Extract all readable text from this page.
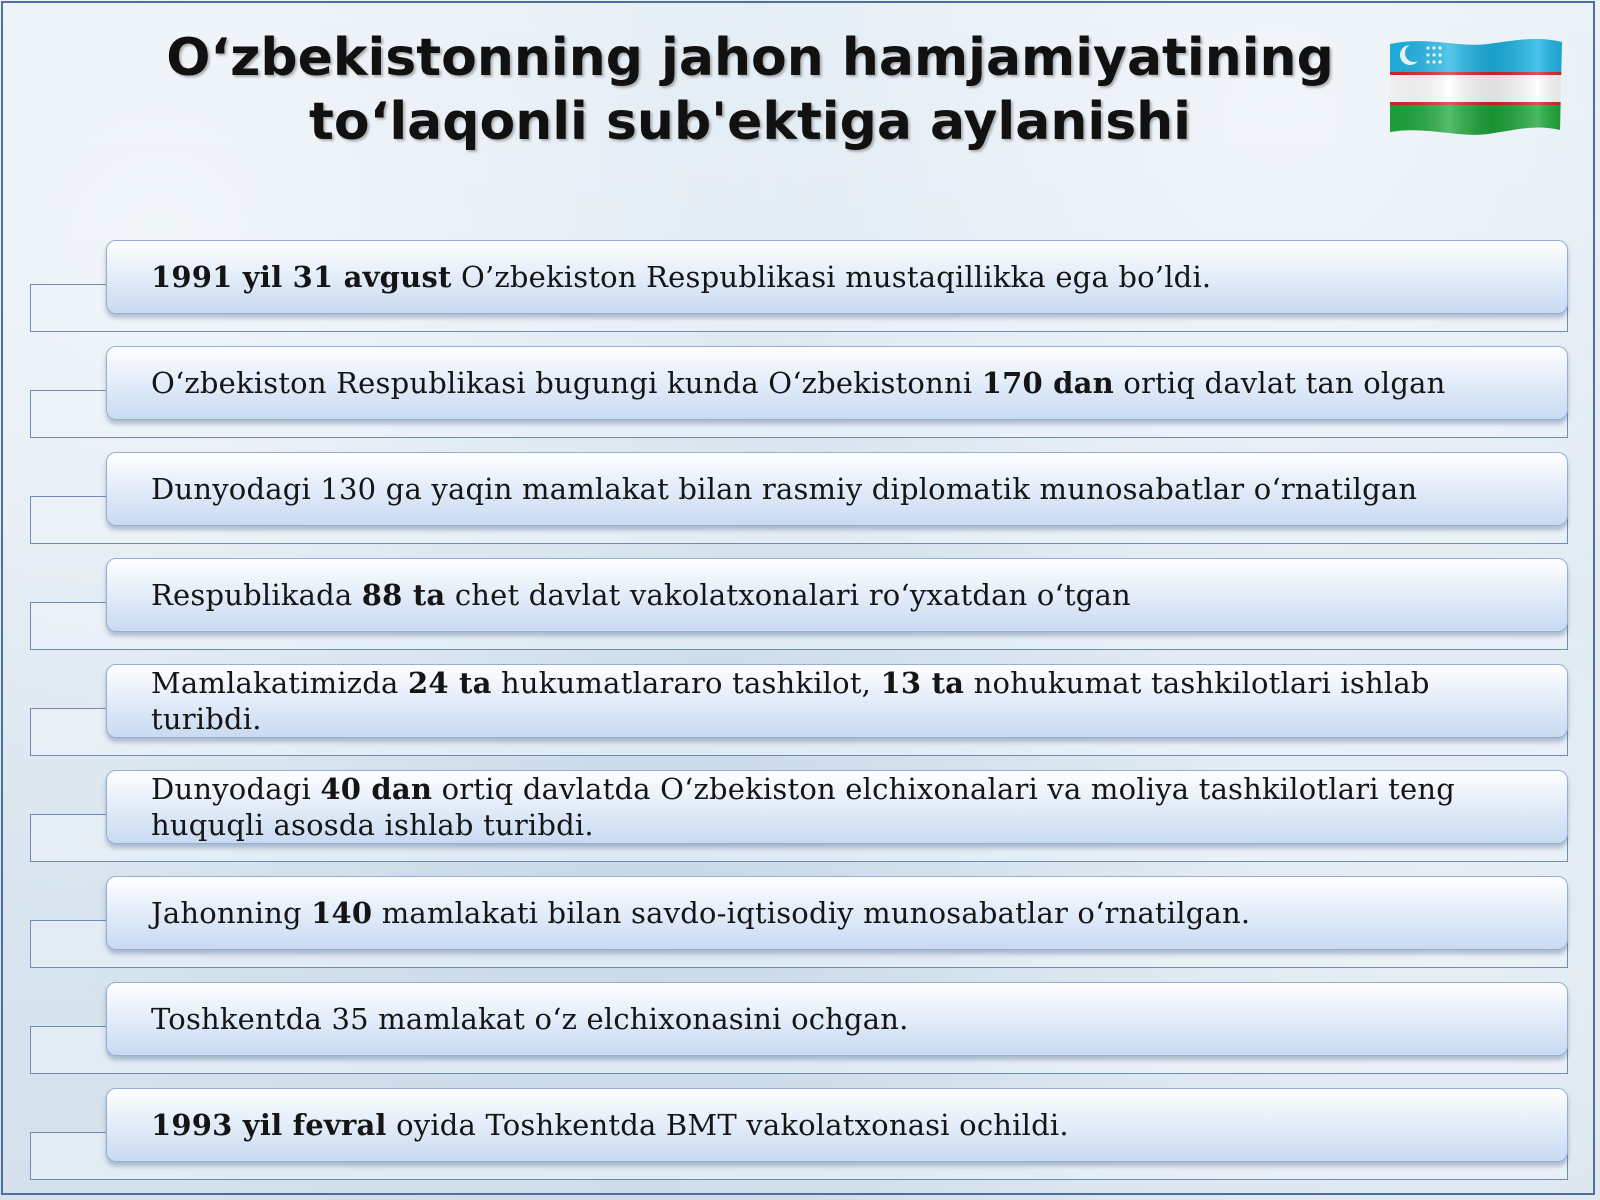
Oʻzbekistonning jahon hamjamiyatining
toʻlaqonli sub'ektiga aylanishi

1991 yil 31 avgust O’zbekiston Respublikasi mustaqillikka ega bo’ldi.

Oʻzbekiston Respublikasi bugungi kunda Oʻzbekistonni 170 dan ortiq davlat tan olgan

Dunyodagi 130 ga yaqin mamlakat bilan rasmiy diplomatik munosabatlar oʻrnatilgan

Respublikada 88 ta chet davlat vakolatxonalari roʻyxatdan oʻtgan

Mamlakatimizda 24 ta hukumatlararo tashkilot, 13 ta nohukumat tashkilotlari ishlab turibdi.

Dunyodagi 40 dan ortiq davlatda Oʻzbekiston elchixonalari va moliya tashkilotlari teng huquqli asosda ishlab turibdi.

Jahonning 140 mamlakati bilan savdo-iqtisodiy munosabatlar oʻrnatilgan.

Toshkentda 35 mamlakat oʻz elchixonasini ochgan.

1993 yil fevral oyida Toshkentda BMT vakolatxonasi ochildi.
